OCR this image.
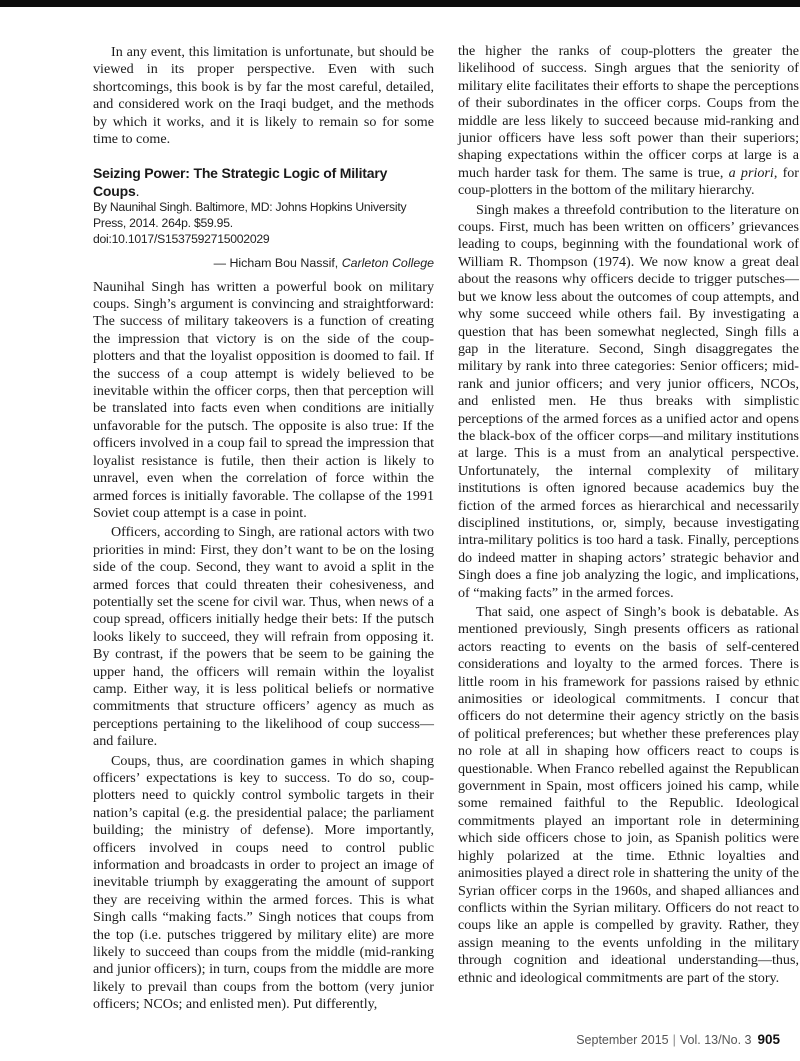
In any event, this limitation is unfortunate, but should be viewed in its proper perspective. Even with such shortcomings, this book is by far the most careful, detailed, and considered work on the Iraqi budget, and the methods by which it works, and it is likely to remain so for some time to come.

Seizing Power: The Strategic Logic of Military Coups.
By Naunihal Singh. Baltimore, MD: Johns Hopkins University Press, 2014. 264p. $59.95.
doi:10.1017/S1537592715002029
— Hicham Bou Nassif, Carleton College

Naunihal Singh has written a powerful book on military coups. Singh’s argument is convincing and straightforward: The success of military takeovers is a function of creating the impression that victory is on the side of the coup-plotters and that the loyalist opposition is doomed to fail. If the success of a coup attempt is widely believed to be inevitable within the officer corps, then that perception will be translated into facts even when conditions are initially unfavorable for the putsch. The opposite is also true: If the officers involved in a coup fail to spread the impression that loyalist resistance is futile, then their action is likely to unravel, even when the correlation of force within the armed forces is initially favorable. The collapse of the 1991 Soviet coup attempt is a case in point.

Officers, according to Singh, are rational actors with two priorities in mind: First, they don’t want to be on the losing side of the coup. Second, they want to avoid a split in the armed forces that could threaten their cohesiveness, and potentially set the scene for civil war. Thus, when news of a coup spread, officers initially hedge their bets: If the putsch looks likely to succeed, they will refrain from opposing it. By contrast, if the powers that be seem to be gaining the upper hand, the officers will remain within the loyalist camp. Either way, it is less political beliefs or normative commitments that structure officers’ agency as much as perceptions pertaining to the likelihood of coup success—and failure.

Coups, thus, are coordination games in which shaping officers’ expectations is key to success. To do so, coup-plotters need to quickly control symbolic targets in their nation’s capital (e.g. the presidential palace; the parliament building; the ministry of defense). More importantly, officers involved in coups need to control public information and broadcasts in order to project an image of inevitable triumph by exaggerating the amount of support they are receiving within the armed forces. This is what Singh calls “making facts.” Singh notices that coups from the top (i.e. putsches triggered by military elite) are more likely to succeed than coups from the middle (mid-ranking and junior officers); in turn, coups from the middle are more likely to prevail than coups from the bottom (very junior officers; NCOs; and enlisted men). Put differently,

the higher the ranks of coup-plotters the greater the likelihood of success. Singh argues that the seniority of military elite facilitates their efforts to shape the perceptions of their subordinates in the officer corps. Coups from the middle are less likely to succeed because mid-ranking and junior officers have less soft power than their superiors; shaping expectations within the officer corps at large is a much harder task for them. The same is true, a priori, for coup-plotters in the bottom of the military hierarchy.

Singh makes a threefold contribution to the literature on coups. First, much has been written on officers’ grievances leading to coups, beginning with the foundational work of William R. Thompson (1974). We now know a great deal about the reasons why officers decide to trigger putsches—but we know less about the outcomes of coup attempts, and why some succeed while others fail. By investigating a question that has been somewhat neglected, Singh fills a gap in the literature. Second, Singh disaggregates the military by rank into three categories: Senior officers; mid-rank and junior officers; and very junior officers, NCOs, and enlisted men. He thus breaks with simplistic perceptions of the armed forces as a unified actor and opens the black-box of the officer corps—and military institutions at large. This is a must from an analytical perspective. Unfortunately, the internal complexity of military institutions is often ignored because academics buy the fiction of the armed forces as hierarchical and necessarily disciplined institutions, or, simply, because investigating intra-military politics is too hard a task. Finally, perceptions do indeed matter in shaping actors’ strategic behavior and Singh does a fine job analyzing the logic, and implications, of “making facts” in the armed forces.

That said, one aspect of Singh’s book is debatable. As mentioned previously, Singh presents officers as rational actors reacting to events on the basis of self-centered considerations and loyalty to the armed forces. There is little room in his framework for passions raised by ethnic animosities or ideological commitments. I concur that officers do not determine their agency strictly on the basis of political preferences; but whether these preferences play no role at all in shaping how officers react to coups is questionable. When Franco rebelled against the Republican government in Spain, most officers joined his camp, while some remained faithful to the Republic. Ideological commitments played an important role in determining which side officers chose to join, as Spanish politics were highly polarized at the time. Ethnic loyalties and animosities played a direct role in shattering the unity of the Syrian officer corps in the 1960s, and shaped alliances and conflicts within the Syrian military. Officers do not react to coups like an apple is compelled by gravity. Rather, they assign meaning to the events unfolding in the military through cognition and ideational understanding—thus, ethnic and ideological commitments are part of the story.

September 2015 | Vol. 13/No. 3 905
